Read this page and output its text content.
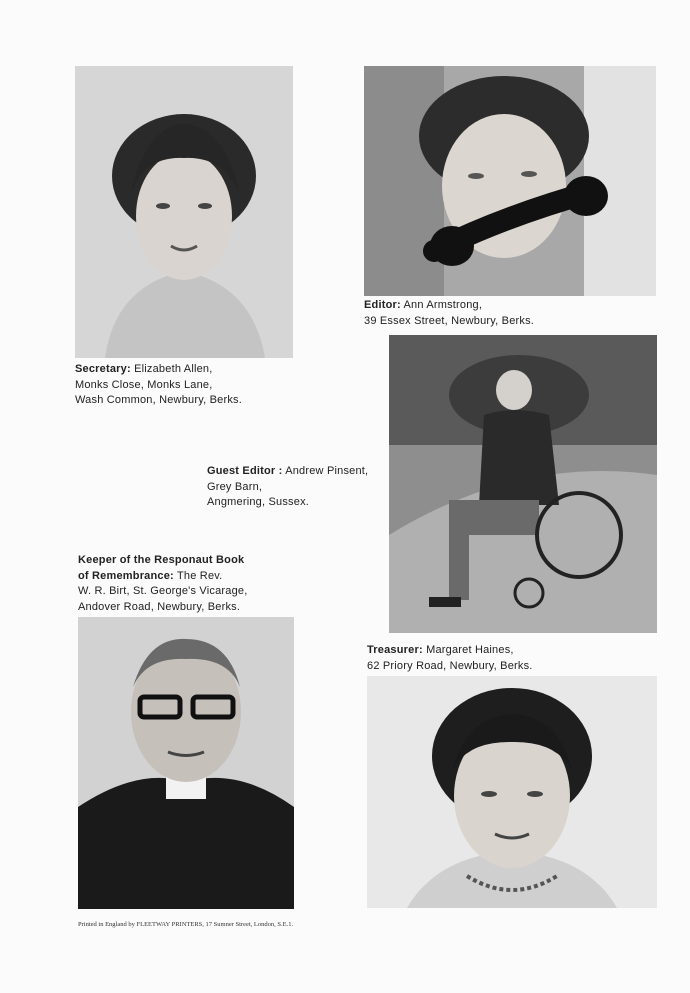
Secretary: Elizabeth Allen,
Monks Close, Monks Lane,
Wash Common, Newbury, Berks.
Editor: Ann Armstrong,
39 Essex Street, Newbury, Berks.
Guest Editor : Andrew Pinsent,
Grey Barn,
Angmering, Sussex.
Keeper of the Responaut Book
of Remembrance: The Rev.
W. R. Birt, St. George's Vicarage,
Andover Road, Newbury, Berks.
Treasurer: Margaret Haines,
62 Priory Road, Newbury, Berks.
Printed in England by FLEETWAY PRINTERS, 17 Sumner Street, London, S.E.1.
